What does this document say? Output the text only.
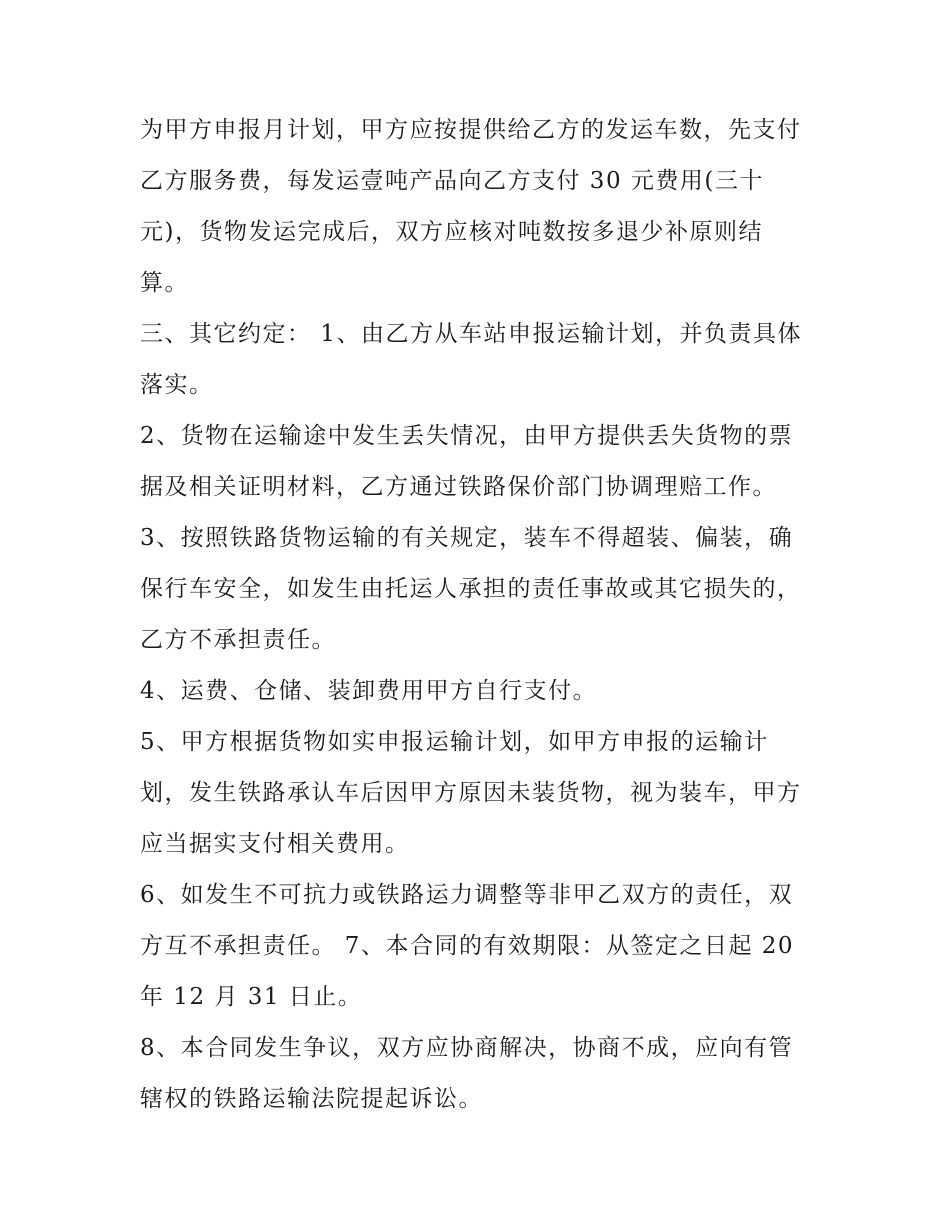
为甲方申报月计划，甲方应按提供给乙方的发运车数，先支付
乙方服务费，每发运壹吨产品向乙方支付 30 元费用(三十
元)，货物发运完成后，双方应核对吨数按多退少补原则结
算。
三、其它约定： 1、由乙方从车站申报运输计划，并负责具体
落实。
2、货物在运输途中发生丢失情况，由甲方提供丢失货物的票
据及相关证明材料，乙方通过铁路保价部门协调理赔工作。
3、按照铁路货物运输的有关规定，装车不得超装、偏装，确
保行车安全，如发生由托运人承担的责任事故或其它损失的，
乙方不承担责任。
4、运费、仓储、装卸费用甲方自行支付。
5、甲方根据货物如实申报运输计划，如甲方申报的运输计
划，发生铁路承认车后因甲方原因未装货物，视为装车，甲方
应当据实支付相关费用。
6、如发生不可抗力或铁路运力调整等非甲乙双方的责任，双
方互不承担责任。 7、本合同的有效期限：从签定之日起 20
年 12 月 31 日止。
8、本合同发生争议，双方应协商解决，协商不成，应向有管
辖权的铁路运输法院提起诉讼。
